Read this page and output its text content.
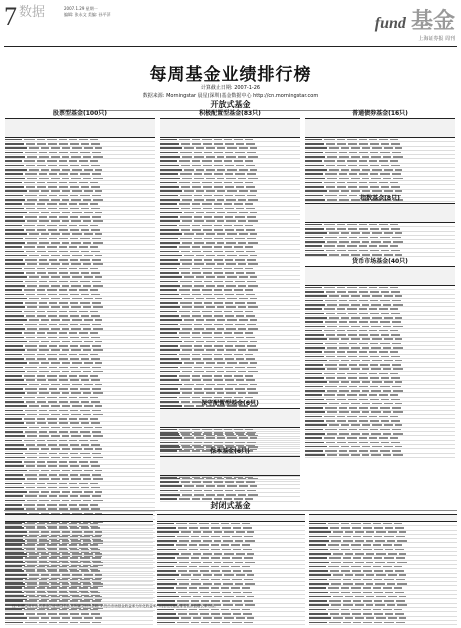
7 数据	2007.1.29 星期一
编辑: 张永文 美编: 孙平萍
fund 基金
上海证券报 周刊
每周基金业绩排行榜
计算截止日期: 2007-1-26
数据来源: Morningstar 晨星(深圳)基金数据中心 http://cn.morningstar.com
开放式基金
股票型基金(100只)	积极配置型基金(83只)
保守配置型基金(6只)
保本基金(6只)
普通债券基金(16只)
指数基金(8只)
货币市场基金(40只)
封闭式基金
注: 1.晨星对开放式基金的业绩排名以其所属类别为基础; 2.货币市场基金收益率为年化收益率; 3.封闭式基金排名以净值增长率为准。
